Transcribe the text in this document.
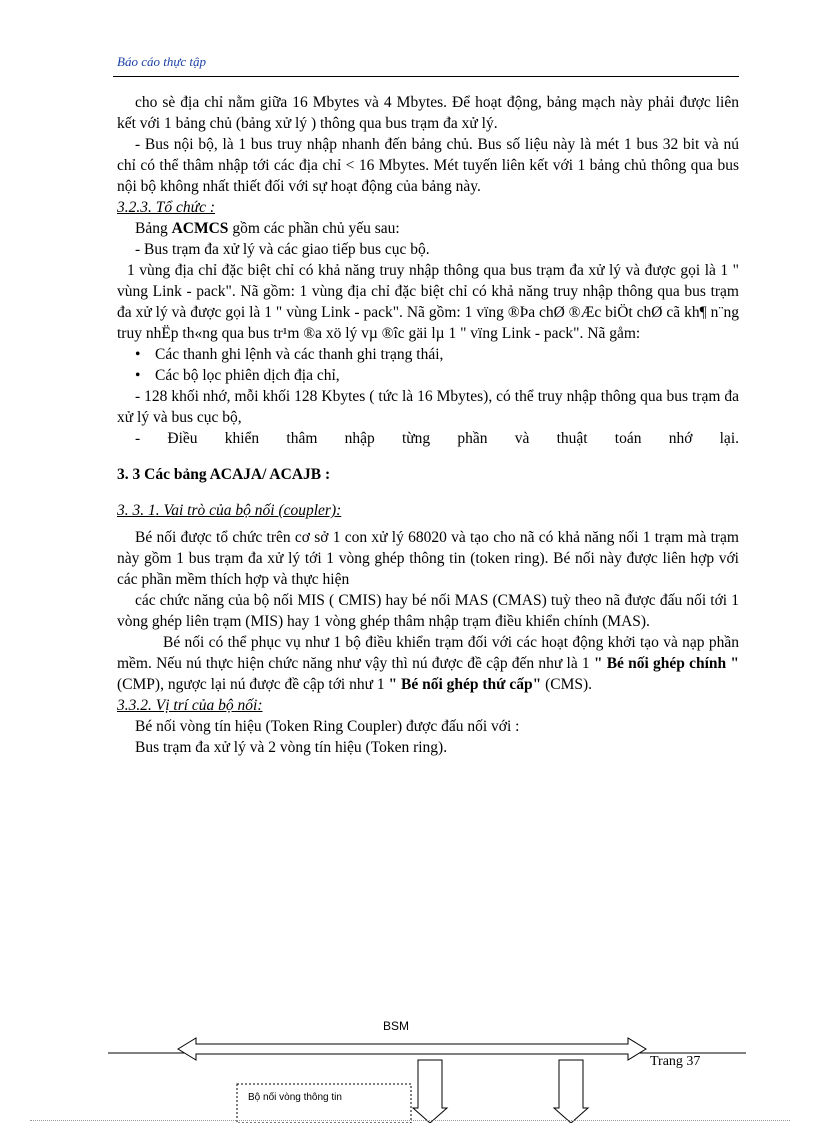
Báo cáo thực tập

cho sè địa chỉ nằm giữa 16 Mbytes và 4 Mbytes. Để hoạt động, bảng mạch này phải được liên kết với 1 bảng chủ (bảng xử lý ) thông qua bus trạm đa xử lý.

- Bus nội bộ, là 1 bus truy nhập nhanh đến bảng chủ. Bus số liệu này là mét 1 bus 32 bit và nú chỉ có thể thâm nhập tới các địa chỉ < 16 Mbytes. Mét tuyến liên kết với 1 bảng chủ thông qua bus nội bộ không nhất thiết đối với sự hoạt động của bảng này.

3.2.3. Tổ chức :

Bảng ACMCS gồm các phần chủ yếu sau:

- Bus trạm đa xử lý và các giao tiếp bus cục bộ.

1 vùng địa chỉ đặc biệt chỉ có khả năng truy nhập thông qua bus trạm đa xử lý và được gọi là 1 " vùng Link - pack". Nã gồm: 1 vùng địa chỉ đặc biệt chỉ có khả năng truy nhập thông qua bus trạm đa xử lý và được gọi là 1 " vùng Link - pack". Nã gồm: 1 vïng ®Þa chØ ®Æc biÖt chØ cã kh¶ n¨ng truy nhËp th«ng qua bus tr¹m ®a xö lý vµ ®îc gäi lµ 1 " vïng Link - pack". Nã gåm:

•
Các thanh ghi lệnh và các thanh ghi trạng thái,
•
Các bộ lọc phiên dịch địa chỉ,

- 128 khối nhớ, mỗi khối 128 Kbytes ( tức là 16 Mbytes), có thể truy nhập thông qua bus trạm đa xử lý và bus cục bộ,

- Điều khiển thâm nhập từng phần và thuật toán nhớ lại.

3. 3 Các bảng ACAJA/ ACAJB :

3. 3. 1. Vai trò của bộ nối (coupler):

Bé nối được tổ chức trên cơ sở 1 con xử lý 68020 và tạo cho nã có khả năng nối 1 trạm mà trạm này gồm 1 bus trạm đa xử lý tới 1 vòng ghép thông tin (token ring). Bé nối này được liên hợp với các phần mềm thích hợp và thực hiện

các chức năng của bộ nối MIS ( CMIS) hay bé nối MAS (CMAS) tuỳ theo nã được đấu nối tới 1 vòng ghép liên trạm (MIS) hay 1 vòng ghép thâm nhập trạm điều khiển chính (MAS).

Bé nối có thể phục vụ như 1 bộ điều khiển trạm đối với các hoạt động khởi tạo và nạp phần mềm. Nếu nú thực hiện chức năng như vậy thì nú được đề cập đến như là 1 " Bé nối ghép chính " (CMP), ngược lại nú được đề cập tới như 1 " Bé nối ghép thứ cấp" (CMS).

3.3.2. Vị trí của bộ nối:

Bé nối vòng tín hiệu (Token Ring Coupler) được đấu nối với :

Bus trạm đa xử lý và 2 vòng tín hiệu (Token ring).

BSM
Bộ nối vòng thông tin
Trang 37
